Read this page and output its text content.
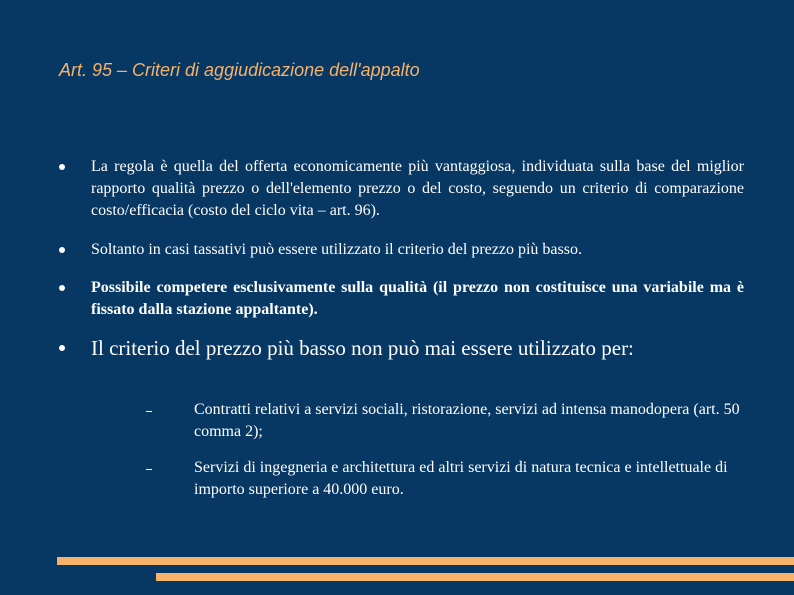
Art. 95 – Criteri di aggiudicazione dell'appalto
La regola è quella del offerta economicamente più vantaggiosa, individuata sulla base del miglior rapporto qualità prezzo o dell'elemento prezzo o del costo, seguendo un criterio di comparazione costo/efficacia (costo del ciclo vita – art. 96).
Soltanto in casi tassativi può essere utilizzato il criterio del prezzo più basso.
Possibile competere esclusivamente sulla qualità (il prezzo non costituisce una variabile ma è fissato dalla stazione appaltante).
Il criterio del prezzo più basso non può mai essere utilizzato per:
Contratti relativi a servizi sociali, ristorazione, servizi ad intensa manodopera (art. 50 comma 2);
Servizi di ingegneria e architettura ed altri servizi di natura tecnica e intellettuale di importo superiore a 40.000 euro.
